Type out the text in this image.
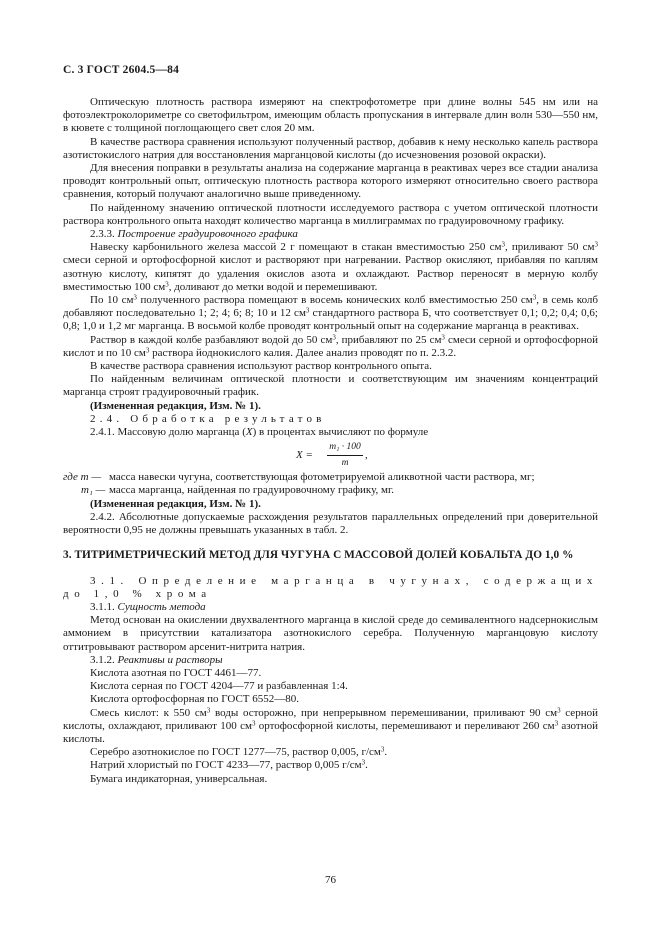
С. 3 ГОСТ 2604.5—84

Оптическую плотность раствора измеряют на спектрофотометре при длине волны 545 нм или на фотоэлектроколориметре со светофильтром, имеющим область пропускания в интервале длин волн 530—550 нм, в кювете с толщиной поглощающего свет слоя 20 мм.

В качестве раствора сравнения используют полученный раствор, добавив к нему несколько капель раствора азотистокислого натрия для восстановления марганцовой кислоты (до исчезновения розовой окраски).

Для внесения поправки в результаты анализа на содержание марганца в реактивах через все стадии анализа проводят контрольный опыт, оптическую плотность раствора которого измеряют относительно своего раствора сравнения, который получают аналогично выше приведенному.

По найденному значению оптической плотности исследуемого раствора с учетом оптической плотности раствора контрольного опыта находят количество марганца в миллиграммах по градуировочному графику.

2.3.3. Построение градуировочного графика

Навеску карбонильного железа массой 2 г помещают в стакан вместимостью 250 $см^3$, приливают 50 $см^3$ смеси серной и ортофосфорной кислот и растворяют при нагревании. Раствор окисляют, прибавляя по каплям азотную кислоту, кипятят до удаления окислов азота и охлаждают. Раствор переносят в мерную колбу вместимостью 100 $см^3$, доливают до метки водой и перемешивают.

По 10 $см^3$ полученного раствора помещают в восемь конических колб вместимостью 250 $см^3$, в семь колб добавляют последовательно 1; 2; 4; 6; 8; 10 и 12 $см^3$ стандартного раствора Б, что соответствует 0,1; 0,2; 0,4; 0,6; 0,8; 1,0 и 1,2 мг марганца. В восьмой колбе проводят контрольный опыт на содержание марганца в реактивах.

Раствор в каждой колбе разбавляют водой до 50 $см^3$, прибавляют по 25 $см^3$ смеси серной и ортофосфорной кислот и по 10 $см^3$ раствора йоднокислого калия. Далее анализ проводят по п. 2.3.2.

В качестве раствора сравнения используют раствор контрольного опыта.

По найденным величинам оптической плотности и соответствующим им значениям концентраций марганца строят градуировочный график.

(Измененная редакция, Изм. № 1).

2.4. Обработка результатов

2.4.1. Массовую долю марганца (X) в процентах вычисляют по формуле

$X = \frac{\text{m₁ · 100}}{m}$ ,
где m — масса навески чугуна, соответствующая фотометрируемой аликвотной части раствора, мг;
m₁ — масса марганца, найденная по градуировочному графику, мг.

(Измененная редакция, Изм. № 1).

2.4.2. Абсолютные допускаемые расхождения результатов параллельных определений при доверительной вероятности 0,95 не должны превышать указанных в табл. 2.

3. ТИТРИМЕТРИЧЕСКИЙ МЕТОД ДЛЯ ЧУГУНА С МАССОВОЙ ДОЛЕЙ КОБАЛЬТА ДО 1,0 %

3.1. Определение марганца в чугунах, содержащих до 1,0 % хрома

3.1.1. Сущность метода

Метод основан на окислении двухвалентного марганца в кислой среде до семивалентного надсернокислым аммонием в присутствии катализатора азотнокислого серебра. Полученную марганцовую кислоту оттитровывают раствором арсенит-нитрита натрия.

3.1.2. Реактивы и растворы

Кислота азотная по ГОСТ 4461—77.

Кислота серная по ГОСТ 4204—77 и разбавленная 1:4.

Кислота ортофосфорная по ГОСТ 6552—80.

Смесь кислот: к 550 $см^3$ воды осторожно, при непрерывном перемешивании, приливают 90 $см^3$ серной кислоты, охлаждают, приливают 100 $см^3$ ортофосфорной кислоты, перемешивают и переливают 260 $см^3$ азотной кислоты.

Серебро азотнокислое по ГОСТ 1277—75, раствор 0,005, $г/см^3$.

Натрий хлористый по ГОСТ 4233—77, раствор 0,005 $г/см^3$.

Бумага индикаторная, универсальная.

76
